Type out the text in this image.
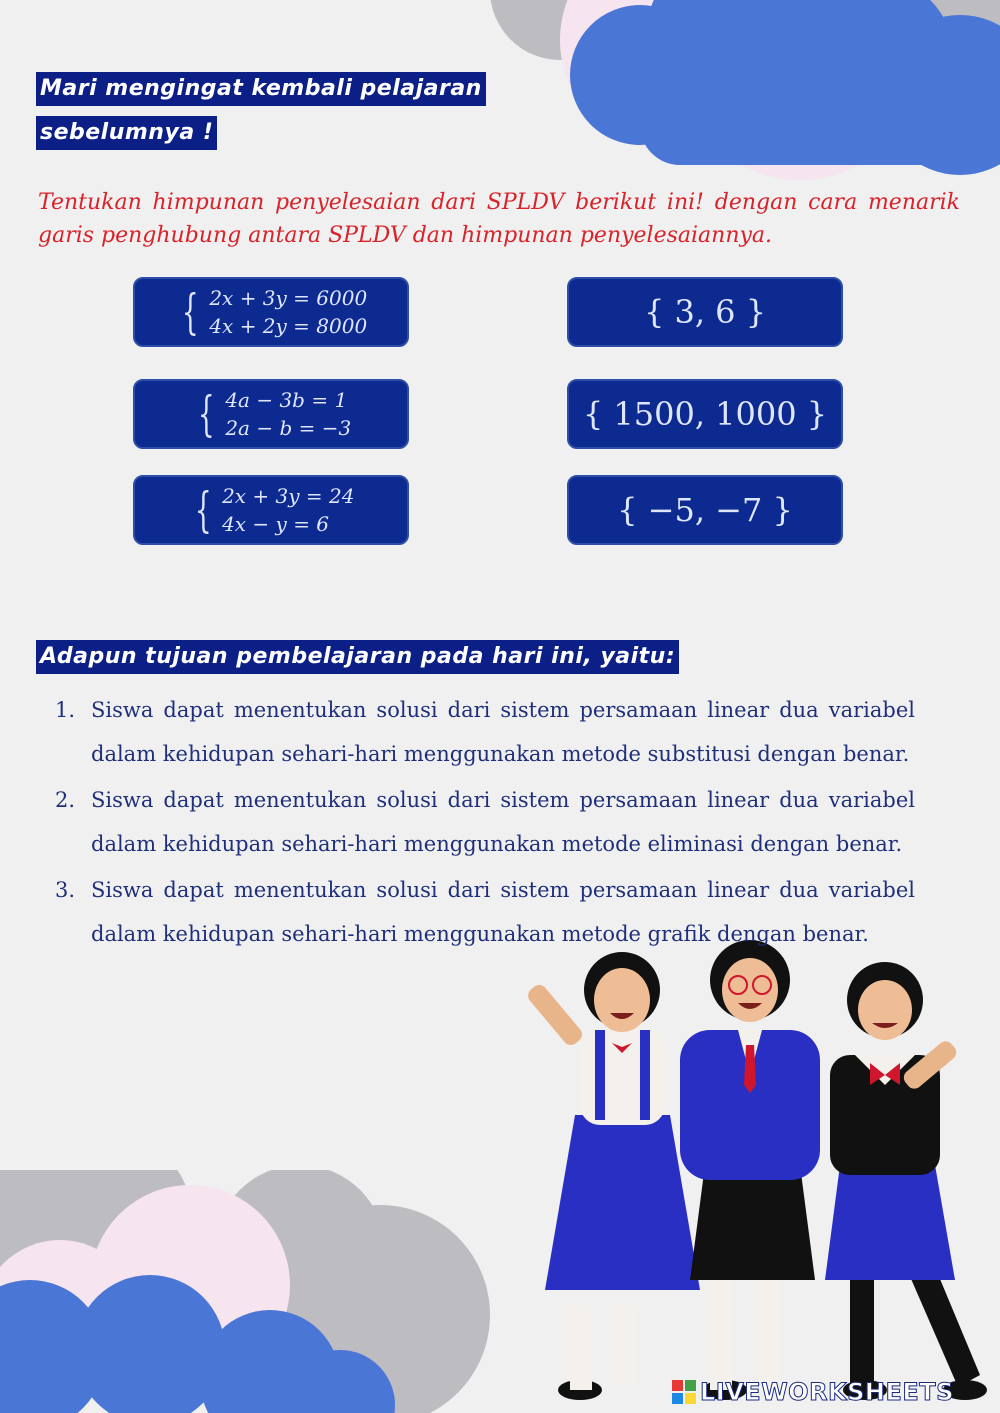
Mari mengingat kembali pelajaran
sebelumnya !
Tentukan himpunan penyelesaian dari SPLDV berikut ini! dengan cara menarik garis penghubung antara SPLDV dan himpunan penyelesaiannya.
{ 2x + 3y = 6000
4x + 2y = 8000
{ 4a − 3b = 1
2a − b = −3
{ 2x + 3y = 24
4x − y = 6
{ 3, 6 }
{ 1500, 1000 }
{ −5, −7 }
Adapun tujuan pembelajaran pada hari ini, yaitu:
1. Siswa dapat menentukan solusi dari sistem persamaan linear dua variabel dalam kehidupan sehari-hari menggunakan metode substitusi dengan benar.
2. Siswa dapat menentukan solusi dari sistem persamaan linear dua variabel dalam kehidupan sehari-hari menggunakan metode eliminasi dengan benar.
3. Siswa dapat menentukan solusi dari sistem persamaan linear dua variabel dalam kehidupan sehari-hari menggunakan metode grafik dengan benar.
LIVEWORKSHEETS
